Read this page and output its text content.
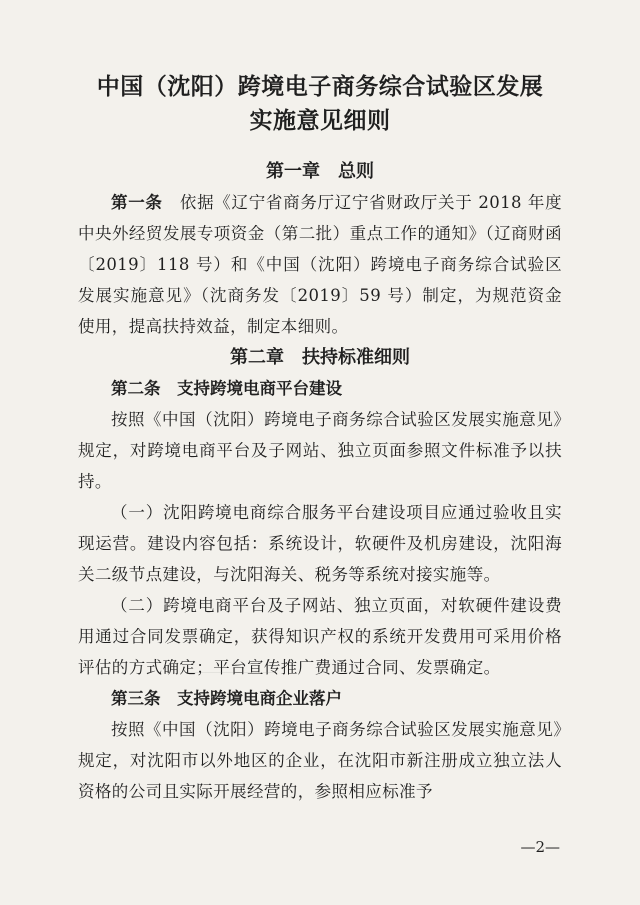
中国（沈阳）跨境电子商务综合试验区发展
实施意见细则
第一章　总则

第一条　 依据《辽宁省商务厅辽宁省财政厅关于 2018 年度中央外经贸发展专项资金（第二批）重点工作的通知》（辽商财函〔2019〕118 号）和《中国（沈阳）跨境电子商务综合试验区发展实施意见》（沈商务发〔2019〕59 号）制定，为规范资金使用，提高扶持效益，制定本细则。

第二章　扶持标准细则

第二条　 支持跨境电商平台建设

按照《中国（沈阳）跨境电子商务综合试验区发展实施意见》规定，对跨境电商平台及子网站、独立页面参照文件标准予以扶持。

（一）沈阳跨境电商综合服务平台建设项目应通过验收且实现运营。建设内容包括：系统设计，软硬件及机房建设，沈阳海关二级节点建设，与沈阳海关、税务等系统对接实施等。

（二）跨境电商平台及子网站、独立页面，对软硬件建设费用通过合同发票确定，获得知识产权的系统开发费用可采用价格评估的方式确定；平台宣传推广费通过合同、发票确定。

第三条　 支持跨境电商企业落户

按照《中国（沈阳）跨境电子商务综合试验区发展实施意见》规定，对沈阳市以外地区的企业，在沈阳市新注册成立独立法人资格的公司且实际开展经营的，参照相应标准予

—2—
